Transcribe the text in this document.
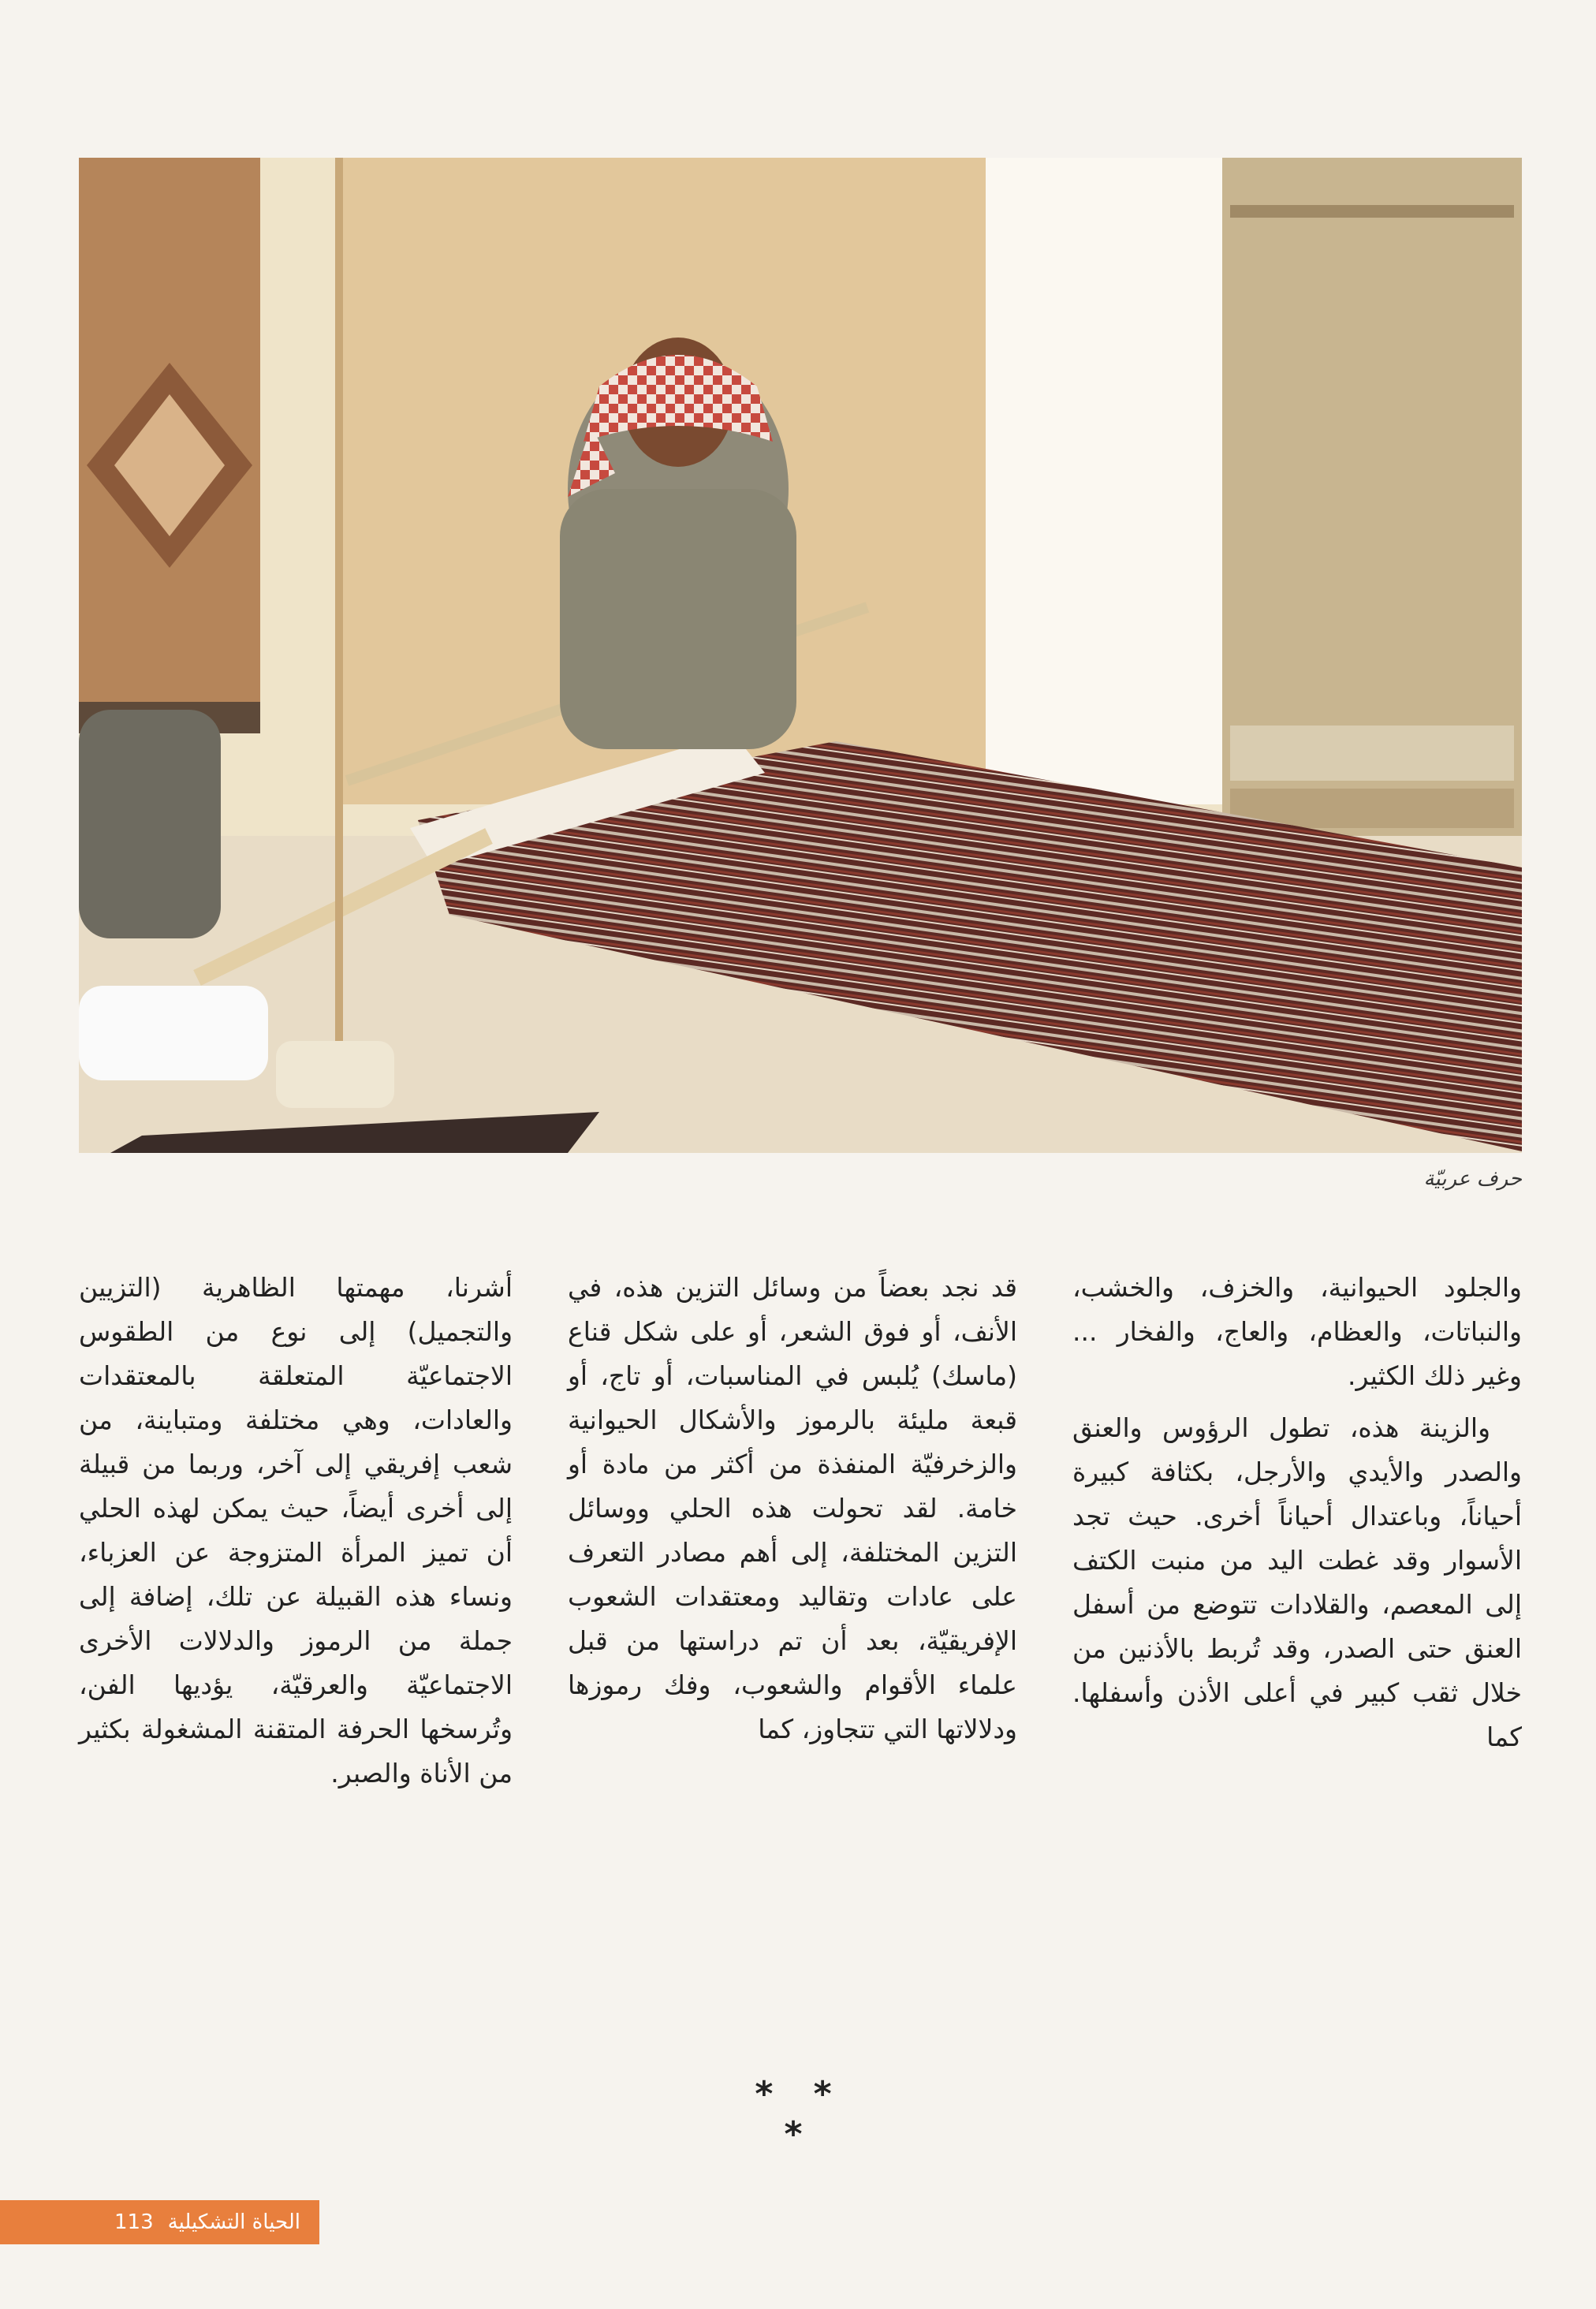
حرف عربيّة

والجلود الحيوانية، والخزف، والخشب، والنباتات، والعظام، والعاج، والفخار ... وغير ذلك الكثير.

والزينة هذه، تطول الرؤوس والعنق والصدر والأيدي والأرجل، بكثافة كبيرة أحياناً، وباعتدال أحياناً أخرى. حيث تجد الأسوار وقد غطت اليد من منبت الكتف إلى المعصم، والقلادات تتوضع من أسفل العنق حتى الصدر، وقد تُربط بالأذنين من خلال ثقب كبير في أعلى الأذن وأسفلها. كما

قد نجد بعضاً من وسائل التزين هذه، في الأنف، أو فوق الشعر، أو على شكل قناع (ماسك) يُلبس في المناسبات، أو تاج، أو قبعة مليئة بالرموز والأشكال الحيوانية والزخرفيّة المنفذة من أكثر من مادة أو خامة. لقد تحولت هذه الحلي ووسائل التزين المختلفة، إلى أهم مصادر التعرف على عادات وتقاليد ومعتقدات الشعوب الإفريقيّة، بعد أن تم دراستها من قبل علماء الأقوام والشعوب، وفك رموزها ودلالاتها التي تتجاوز، كما

أشرنا، مهمتها الظاهرية (التزيين والتجميل) إلى نوع من الطقوس الاجتماعيّة المتعلقة بالمعتقدات والعادات، وهي مختلفة ومتباينة، من شعب إفريقي إلى آخر، وربما من قبيلة إلى أخرى أيضاً، حيث يمكن لهذه الحلي أن تميز المرأة المتزوجة عن العزباء، ونساء هذه القبيلة عن تلك، إضافة إلى جملة من الرموز والدلالات الأخرى الاجتماعيّة والعرقيّة، يؤديها الفن، وتُرسخها الحرفة المتقنة المشغولة بكثير من الأناة والصبر.

* * *
الحياة التشكيلية
113
